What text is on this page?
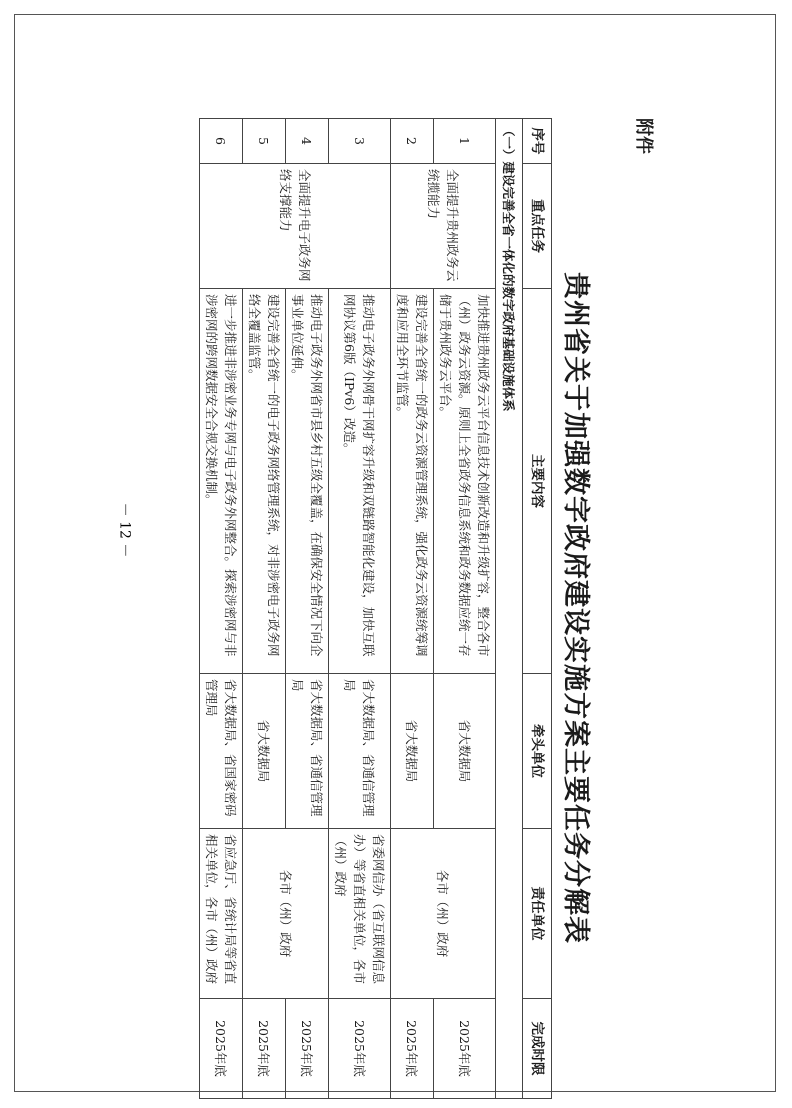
附件
贵州省关于加强数字政府建设实施方案主要任务分解表
序号	重点任务	主要内容	牵头单位	责任单位	完成时限
（一）建设完善全省一体化的数字政府基础设施体系					
1	全面提升贵州政务云统揽能力	加快推进贵州政务云平台信息技术创新改造和升级扩容，整合各市（州）政务云资源。原则上全省政务信息系统和政务数据应统一存储于贵州政务云平台。	省大数据局	各市（州）政府	2025年底
2		建设完善全省统一的政务云资源管理系统，强化政务云资源统筹调度和应用全环节监管。	省大数据局		2025年底
3	全面提升电子政务网络支撑能力	推动电子政务外网骨干网扩容升级和双链路智能化建设，加快互联网协议第6版（IPv6）改造。	省大数据局、省通信管理局	省委网信办（省互联网信息办）等省直相关单位，各市（州）政府	2025年底
4		推动电子政务外网省市县乡村五级全覆盖，在确保安全情况下向企事业单位延伸。	省大数据局、省通信管理局	各市（州）政府	2025年底
5		建设完善全省统一的电子政务网络管理系统，对非涉密电子政务网络全覆盖监管。	省大数据局		2025年底
6		进一步推进非涉密业务专网与电子政务外网整合。探索涉密网与非涉密网的跨网数据安全合规交换机制。	省大数据局、省国家密码管理局	省应急厅、省统计局等省直相关单位，各市（州）政府	2025年底
－ 12 －
